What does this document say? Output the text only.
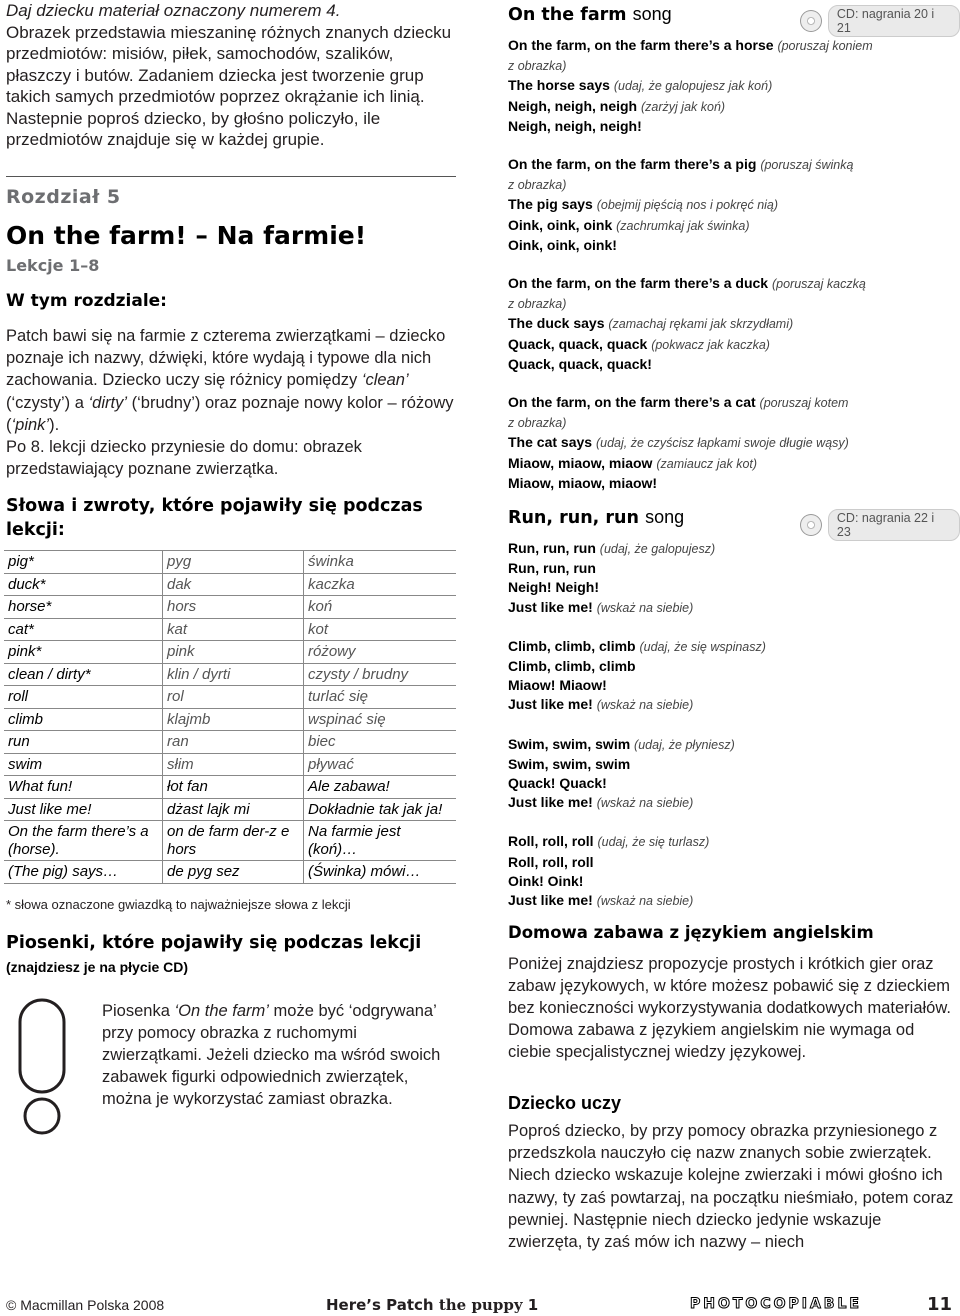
Daj dziecku materiał oznaczony numerem 4.

Obrazek przedstawia mieszaninę różnych znanych dziecku przedmiotów: misiów, piłek, samochodów, szalików, płaszczy i butów. Zadaniem dziecka jest tworzenie grup takich samych przedmiotów poprzez okrążanie ich linią.

Nastepnie poproś dziecko, by głośno policzyło, ile przedmiotów znajduje się w każdej grupie.

Rozdział 5
On the farm! – Na farmie!
Lekcje 1–8
W tym rozdziale:
Patch bawi się na farmie z czterema zwierzątkami – dziecko poznaje ich nazwy, dźwięki, które wydają i typowe dla nich zachowania. Dziecko uczy się różnicy pomiędzy ‘clean’ (‘czysty’) a ‘dirty’ (‘brudny’) oraz poznaje nowy kolor – różowy (‘pink’).
Po 8. lekcji dziecko przyniesie do domu: obrazek przedstawiający poznane zwierzątka.
Słowa i zwroty, które pojawiły się podczas lekcji:
pig*	pyg	świnka
duck*	dak	kaczka
horse*	hors	koń
cat*	kat	kot
pink*	pink	różowy
clean / dirty*	klin / dyrti	czysty / brudny
roll	rol	turlać się
climb	klajmb	wspinać się
run	ran	biec
swim	słim	pływać
What fun!	łot fan	Ale zabawa!
Just like me!	dżast lajk mi	Dokładnie tak jak ja!
On the farm there’s a (horse).	on de farm der-z e hors	Na farmie jest (koń)…
(The pig) says…	de pyg sez	(Świnka) mówi…
* słowa oznaczone gwiazdką to najważniejsze słowa z lekcji
Piosenki, które pojawiły się podczas lekcji (znajdziesz je na płycie CD)
Piosenka ‘On the farm’ może być ‘odgrywana’ przy pomocy obrazka z ruchomymi zwierzątkami. Jeżeli dziecko ma wśród swoich zabawek figurki odpowiednich zwierzątek, można je wykorzystać zamiast obrazka.
On the farm song	CD: nagrania 20 i 21
On the farm, on the farm there’s a horse (poruszaj koniem
z obrazka)
The horse says (udaj, że galopujesz jak koń)
Neigh, neigh, neigh (zarżyj jak koń)
Neigh, neigh, neigh!
On the farm, on the farm there’s a pig (poruszaj świnką
z obrazka)
The pig says (obejmij pięścią nos i pokręć nią)
Oink, oink, oink (zachrumkaj jak świnka)
Oink, oink, oink!
On the farm, on the farm there’s a duck (poruszaj kaczką
z obrazka)
The duck says (zamachaj rękami jak skrzydłami)
Quack, quack, quack (pokwacz jak kaczka)
Quack, quack, quack!
On the farm, on the farm there’s a cat (poruszaj kotem
z obrazka)
The cat says (udaj, że czyścisz łapkami swoje długie wąsy)
Miaow, miaow, miaow (zamiaucz jak kot)
Miaow, miaow, miaow!
Run, run, run song	CD: nagrania 22 i 23
Run, run, run (udaj, że galopujesz)
Run, run, run
Neigh! Neigh!
Just like me! (wskaż na siebie)
Climb, climb, climb (udaj, że się wspinasz)
Climb, climb, climb
Miaow! Miaow!
Just like me! (wskaż na siebie)
Swim, swim, swim (udaj, że płyniesz)
Swim, swim, swim
Quack! Quack!
Just like me! (wskaż na siebie)
Roll, roll, roll (udaj, że się turlasz)
Roll, roll, roll
Oink! Oink!
Just like me! (wskaż na siebie)
Domowa zabawa z językiem angielskim
Poniżej znajdziesz propozycje prostych i krótkich gier oraz zabaw językowych, w które możesz pobawić się z dzieckiem bez konieczności wykorzystywania dodatkowych materiałów. Domowa zabawa z językiem angielskim nie wymaga od ciebie specjalistycznej wiedzy językowej.
Dziecko uczy
Poproś dziecko, by przy pomocy obrazka przyniesionego z przedszkola nauczyło cię nazw znanych sobie zwierzątek. Niech dziecko wskazuje kolejne zwierzaki i mówi głośno ich nazwy, ty zaś powtarzaj, na początku nieśmiało, potem coraz pewniej. Następnie niech dziecko jedynie wskazuje zwierzęta, ty zaś mów ich nazwy – niech
© Macmillan Polska 2008	Here’s Patch the puppy 1	PHOTOCOPIABLE	11
